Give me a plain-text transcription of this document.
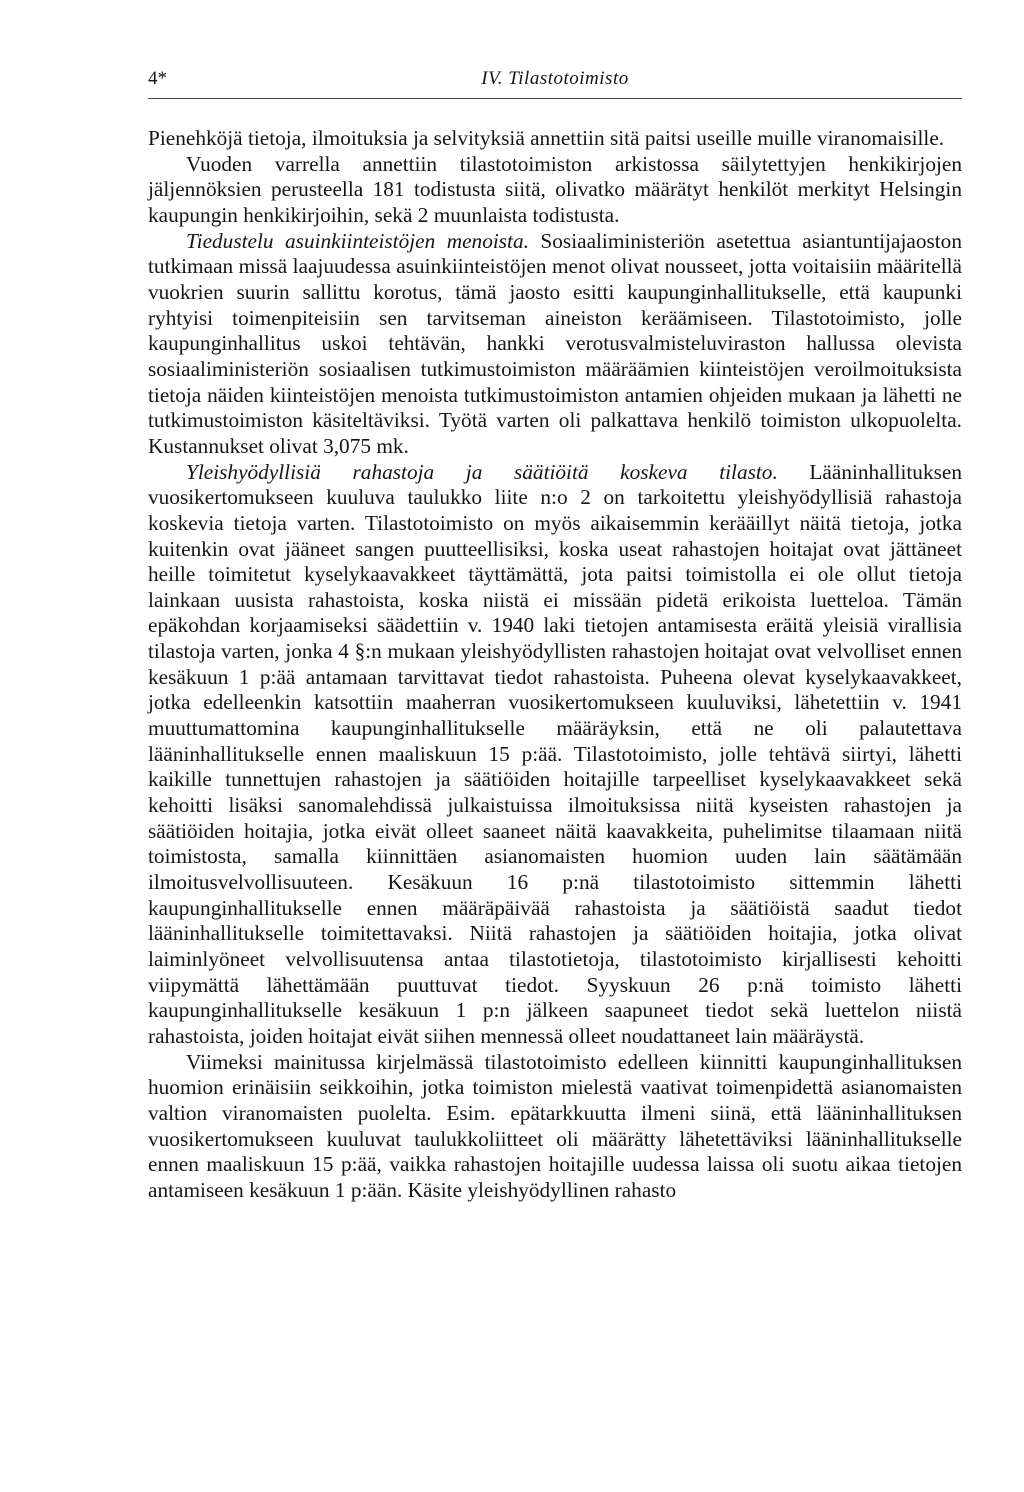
4*	IV. Tilastotoimisto

Pienehköjä tietoja, ilmoituksia ja selvityksiä annettiin sitä paitsi useille muille viranomaisille.

Vuoden varrella annettiin tilastotoimiston arkistossa säilytettyjen henkikirjojen jäljennöksien perusteella 181 todistusta siitä, olivatko määrätyt henkilöt merkityt Helsingin kaupungin henkikirjoihin, sekä 2 muunlaista todistusta.

Tiedustelu asuinkiinteistöjen menoista. Sosiaaliministeriön asetettua asiantuntijajaoston tutkimaan missä laajuudessa asuinkiinteistöjen menot olivat nousseet, jotta voitaisiin määritellä vuokrien suurin sallittu korotus, tämä jaosto esitti kaupunginhallitukselle, että kaupunki ryhtyisi toimenpiteisiin sen tarvitseman aineiston keräämiseen. Tilastotoimisto, jolle kaupunginhallitus uskoi tehtävän, hankki verotusvalmisteluviraston hallussa olevista sosiaaliministeriön sosiaalisen tutkimustoimiston määräämien kiinteistöjen veroilmoituksista tietoja näiden kiinteistöjen menoista tutkimustoimiston antamien ohjeiden mukaan ja lähetti ne tutkimustoimiston käsiteltäviksi. Työtä varten oli palkattava henkilö toimiston ulkopuolelta. Kustannukset olivat 3,075 mk.

Yleishyödyllisiä rahastoja ja säätiöitä koskeva tilasto. Lääninhallituksen vuosikertomukseen kuuluva taulukko liite n:o 2 on tarkoitettu yleishyödyllisiä rahastoja koskevia tietoja varten. Tilastotoimisto on myös aikaisemmin kerääillyt näitä tietoja, jotka kuitenkin ovat jääneet sangen puutteellisiksi, koska useat rahastojen hoitajat ovat jättäneet heille toimitetut kyselykaavakkeet täyttämättä, jota paitsi toimistolla ei ole ollut tietoja lainkaan uusista rahastoista, koska niistä ei missään pidetä erikoista luetteloa. Tämän epäkohdan korjaamiseksi säädettiin v. 1940 laki tietojen antamisesta eräitä yleisiä virallisia tilastoja varten, jonka 4 §:n mukaan yleishyödyllisten rahastojen hoitajat ovat velvolliset ennen kesäkuun 1 p:ää antamaan tarvittavat tiedot rahastoista. Puheena olevat kyselykaavakkeet, jotka edelleenkin katsottiin maaherran vuosikertomukseen kuuluviksi, lähetettiin v. 1941 muuttumattomina kaupunginhallitukselle määräyksin, että ne oli palautettava lääninhallitukselle ennen maaliskuun 15 p:ää. Tilastotoimisto, jolle tehtävä siirtyi, lähetti kaikille tunnettujen rahastojen ja säätiöiden hoitajille tarpeelliset kyselykaavakkeet sekä kehoitti lisäksi sanomalehdissä julkaistuissa ilmoituksissa niitä kyseisten rahastojen ja säätiöiden hoitajia, jotka eivät olleet saaneet näitä kaavakkeita, puhelimitse tilaamaan niitä toimistosta, samalla kiinnittäen asianomaisten huomion uuden lain säätämään ilmoitusvelvollisuuteen. Kesäkuun 16 p:nä tilastotoimisto sittemmin lähetti kaupunginhallitukselle ennen määräpäivää rahastoista ja säätiöistä saadut tiedot lääninhallitukselle toimitettavaksi. Niitä rahastojen ja säätiöiden hoitajia, jotka olivat laiminlyöneet velvollisuutensa antaa tilastotietoja, tilastotoimisto kirjallisesti kehoitti viipymättä lähettämään puuttuvat tiedot. Syyskuun 26 p:nä toimisto lähetti kaupunginhallitukselle kesäkuun 1 p:n jälkeen saapuneet tiedot sekä luettelon niistä rahastoista, joiden hoitajat eivät siihen mennessä olleet noudattaneet lain määräystä.

Viimeksi mainitussa kirjelmässä tilastotoimisto edelleen kiinnitti kaupunginhallituksen huomion erinäisiin seikkoihin, jotka toimiston mielestä vaativat toimenpidettä asianomaisten valtion viranomaisten puolelta. Esim. epätarkkuutta ilmeni siinä, että lääninhallituksen vuosikertomukseen kuuluvat taulukkoliitteet oli määrätty lähetettäviksi lääninhallitukselle ennen maaliskuun 15 p:ää, vaikka rahastojen hoitajille uudessa laissa oli suotu aikaa tietojen antamiseen kesäkuun 1 p:ään. Käsite yleishyödyllinen rahasto
